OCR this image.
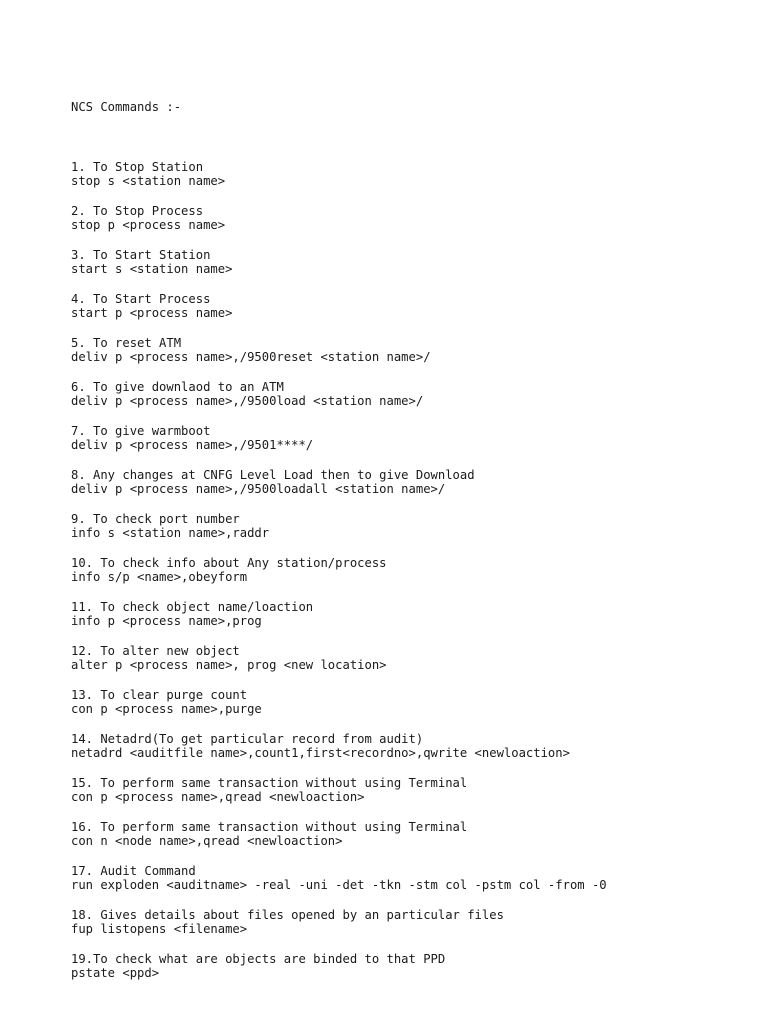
NCS Commands :-

1. To Stop Station
stop s <station name>
2. To Stop Process
stop p <process name>
3. To Start Station
start s <station name>
4. To Start Process
start p <process name>
5. To reset ATM
deliv p <process name>,/9500reset <station name>/
6. To give downlaod to an ATM
deliv p <process name>,/9500load <station name>/
7. To give warmboot
deliv p <process name>,/9501****/
8. Any changes at CNFG Level Load then to give Download
deliv p <process name>,/9500loadall <station name>/
9. To check port number
info s <station name>,raddr
10. To check info about Any station/process
info s/p <name>,obeyform
11. To check object name/loaction
info p <process name>,prog
12. To alter new object
alter p <process name>, prog <new location>
13. To clear purge count
con p <process name>,purge
14. Netadrd(To get particular record from audit)
netadrd <auditfile name>,count1,first<recordno>,qwrite <newloaction>
15. To perform same transaction without using Terminal
con p <process name>,qread <newloaction>
16. To perform same transaction without using Terminal
con n <node name>,qread <newloaction>
17. Audit Command
run exploden <auditname> -real -uni -det -tkn -stm col -pstm col -from -0
18. Gives details about files opened by an particular files
fup listopens <filename>
19.To check what are objects are binded to that PPD
pstate <ppd>
